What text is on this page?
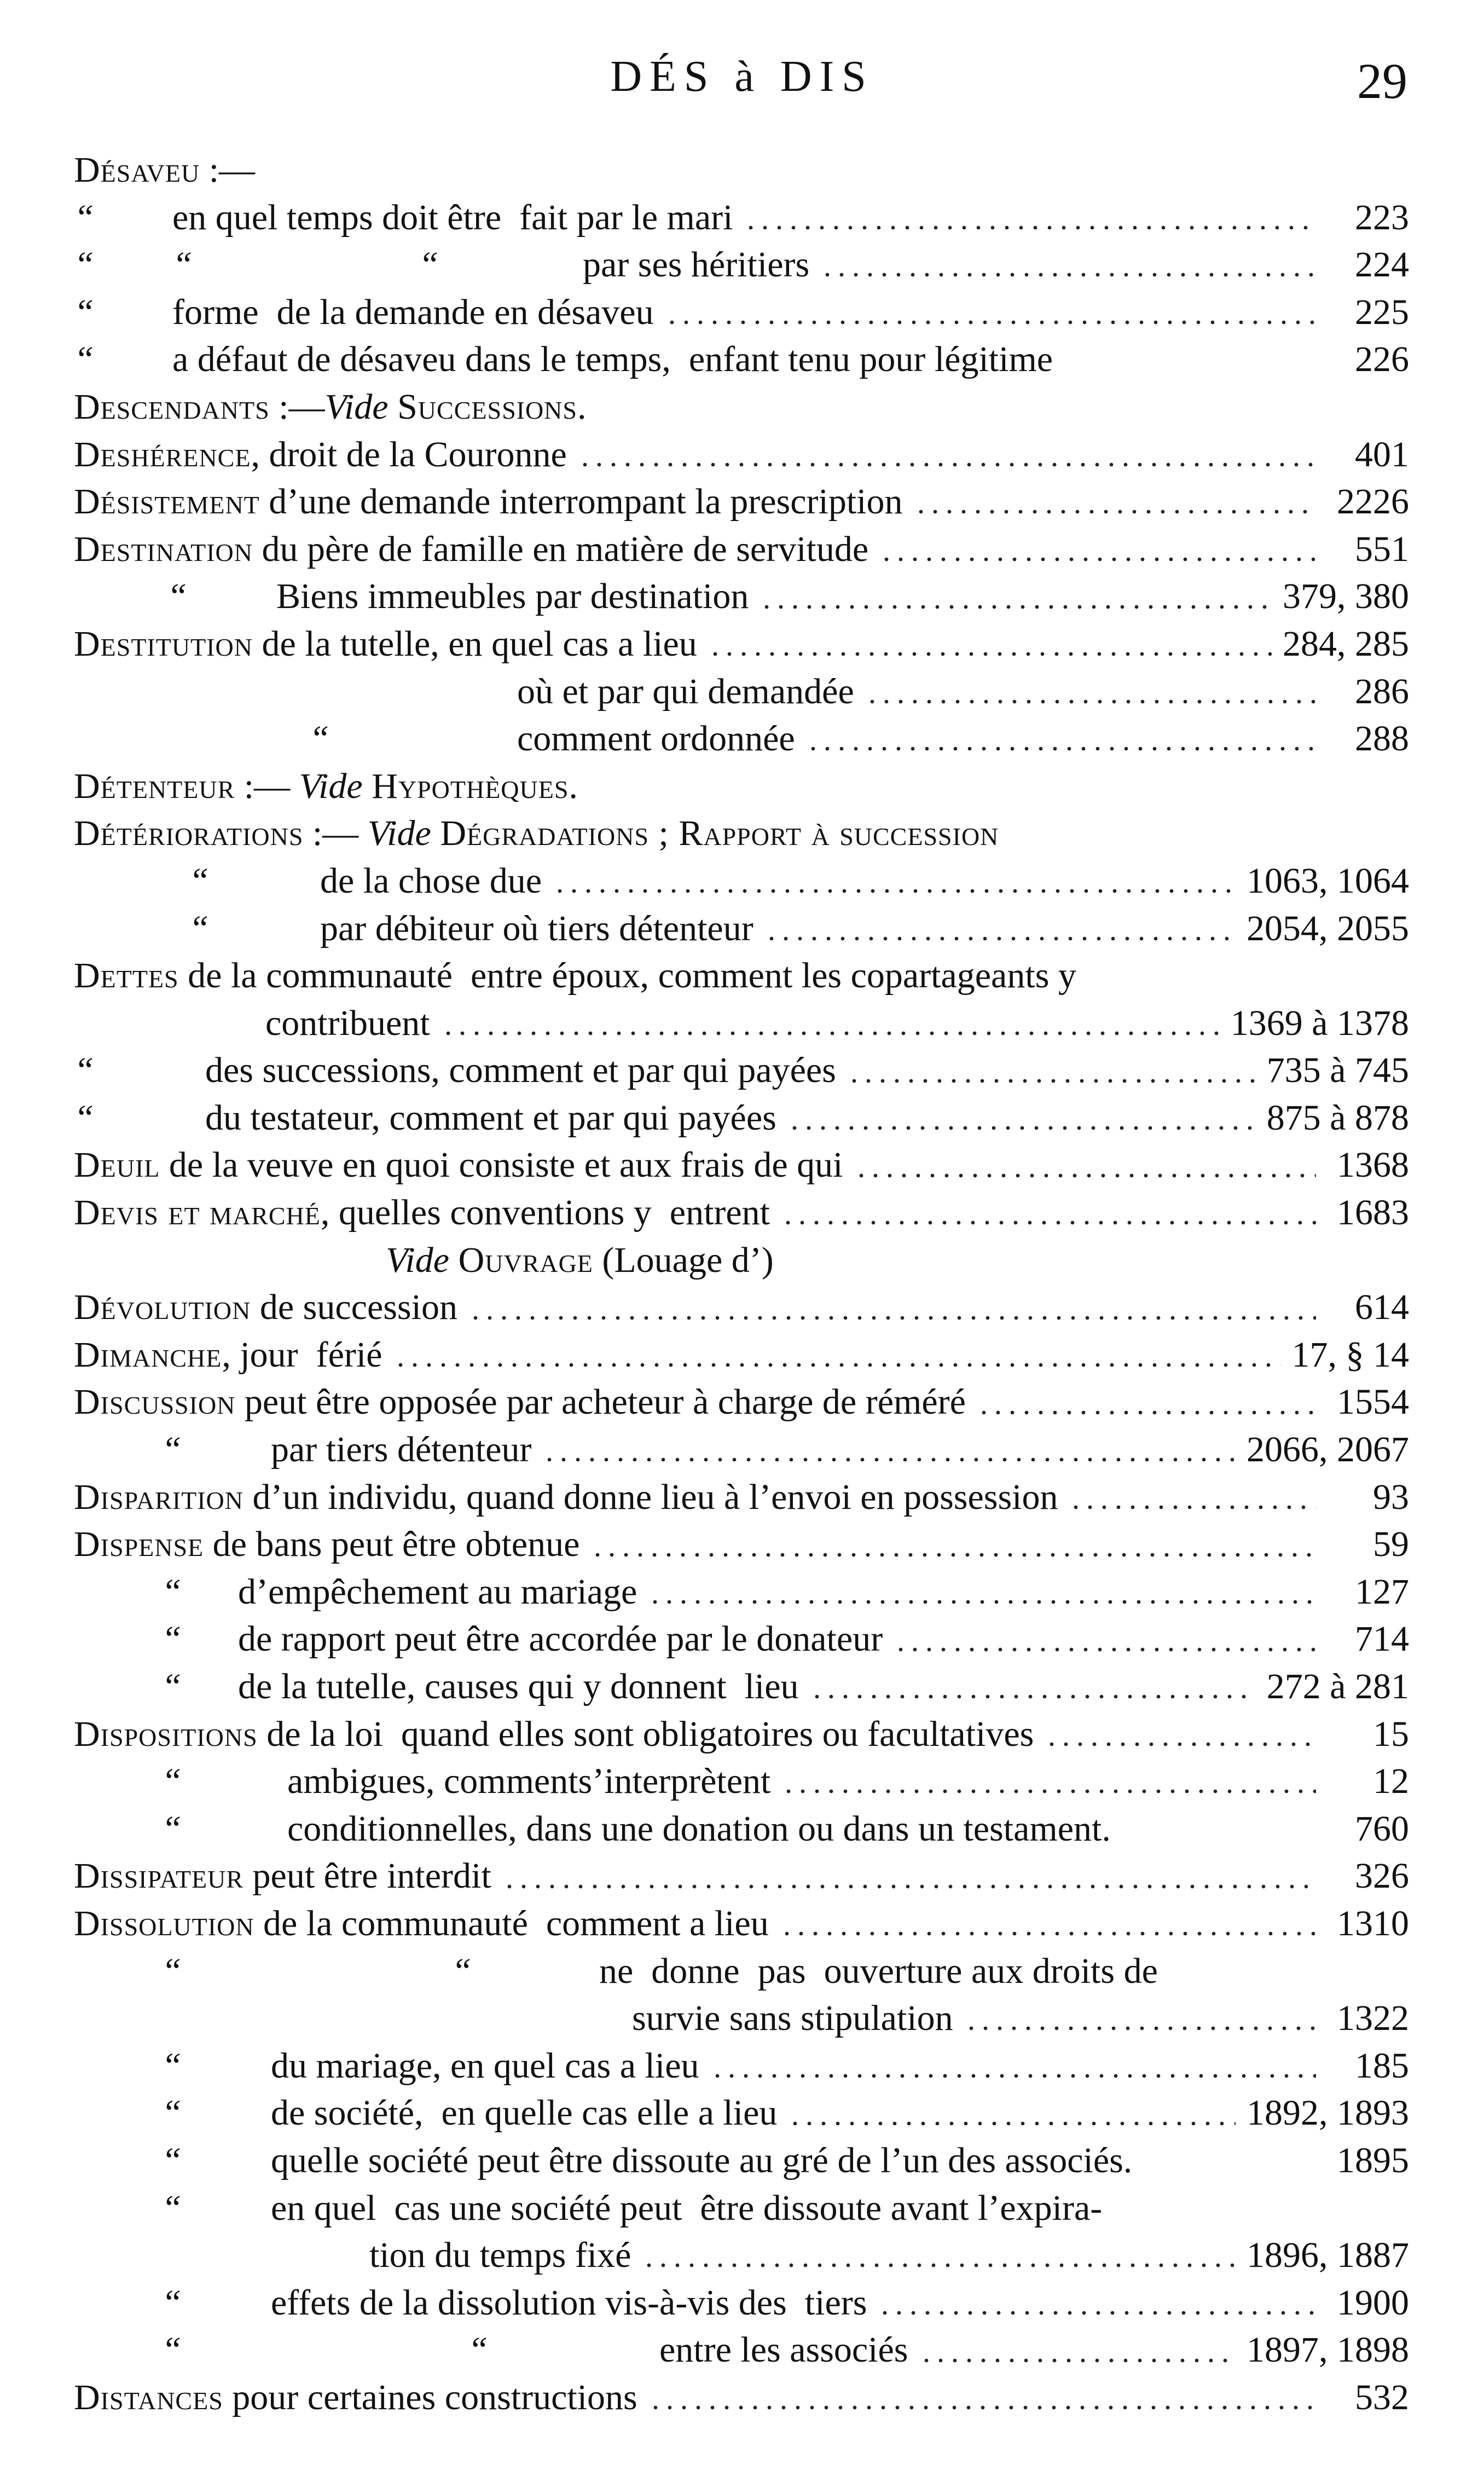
DÉS à DIS	29
Désaveu :—
“	en quel temps doit être  fait par le mari	223
“	“	“	par ses héritiers	224
“	forme  de la demande en désaveu	225
“	a défaut de désaveu dans le temps,  enfant tenu pour légitime	226
Descendants :— Vide
Successions.
Deshérence , droit de la Couronne	401
Désistement d’une demande interrompant la prescription	2226
Destination du père de famille en matière de servitude	551
“	Biens immeubles par destination	379, 380
Destitution de la tutelle, en quel cas a lieu	284, 285
où et par qui demandée	286
“	comment ordonnée	288
Détenteur :— Vide
Hypothèques.
Détériorations :— Vide
Dégradations ; Rapport à succession
“	de la chose due	1063, 1064
“	par débiteur où tiers détenteur	2054, 2055
Dettes de la communauté  entre époux, comment les copartageants y
contribuent	1369 à 1378
“	des successions, comment et par qui payées	735 à 745
“	du testateur, comment et par qui payées	875 à 878
Deuil de la veuve en quoi consiste et aux frais de qui	1368
Devis et marché , quelles conventions y  entrent	1683
Vide
Ouvrage (Louage d’)
Dévolution de succession	614
Dimanche , jour  férié	17, § 14
Discussion peut être opposée par acheteur à charge de réméré	1554
“	par tiers détenteur	2066, 2067
Disparition d’un individu, quand donne lieu à l’envoi en possession	93
Dispense de bans peut être obtenue	59
“	d’empêchement au mariage	127
“	de rapport peut être accordée par le donateur	714
“	de la tutelle, causes qui y donnent  lieu	272 à 281
Dispositions de la loi  quand elles sont obligatoires ou facultatives	15
“	ambigues, comments’interprètent	12
“	conditionnelles, dans une donation ou dans un testament.	760
Dissipateur peut être interdit	326
Dissolution de la communauté  comment a lieu	1310
“	“	ne  donne  pas  ouverture aux droits de
survie sans stipulation	1322
“	du mariage, en quel cas a lieu	185
“	de société,  en quelle cas elle a lieu	1892, 1893
“	quelle société peut être dissoute au gré de l’un des associés.	1895
“	en quel  cas une société peut  être dissoute avant l’expira-
tion du temps fixé	1896, 1887
“	effets de la dissolution vis-à-vis des  tiers	1900
“	“	entre les associés	1897, 1898
Distances pour certaines constructions	532
